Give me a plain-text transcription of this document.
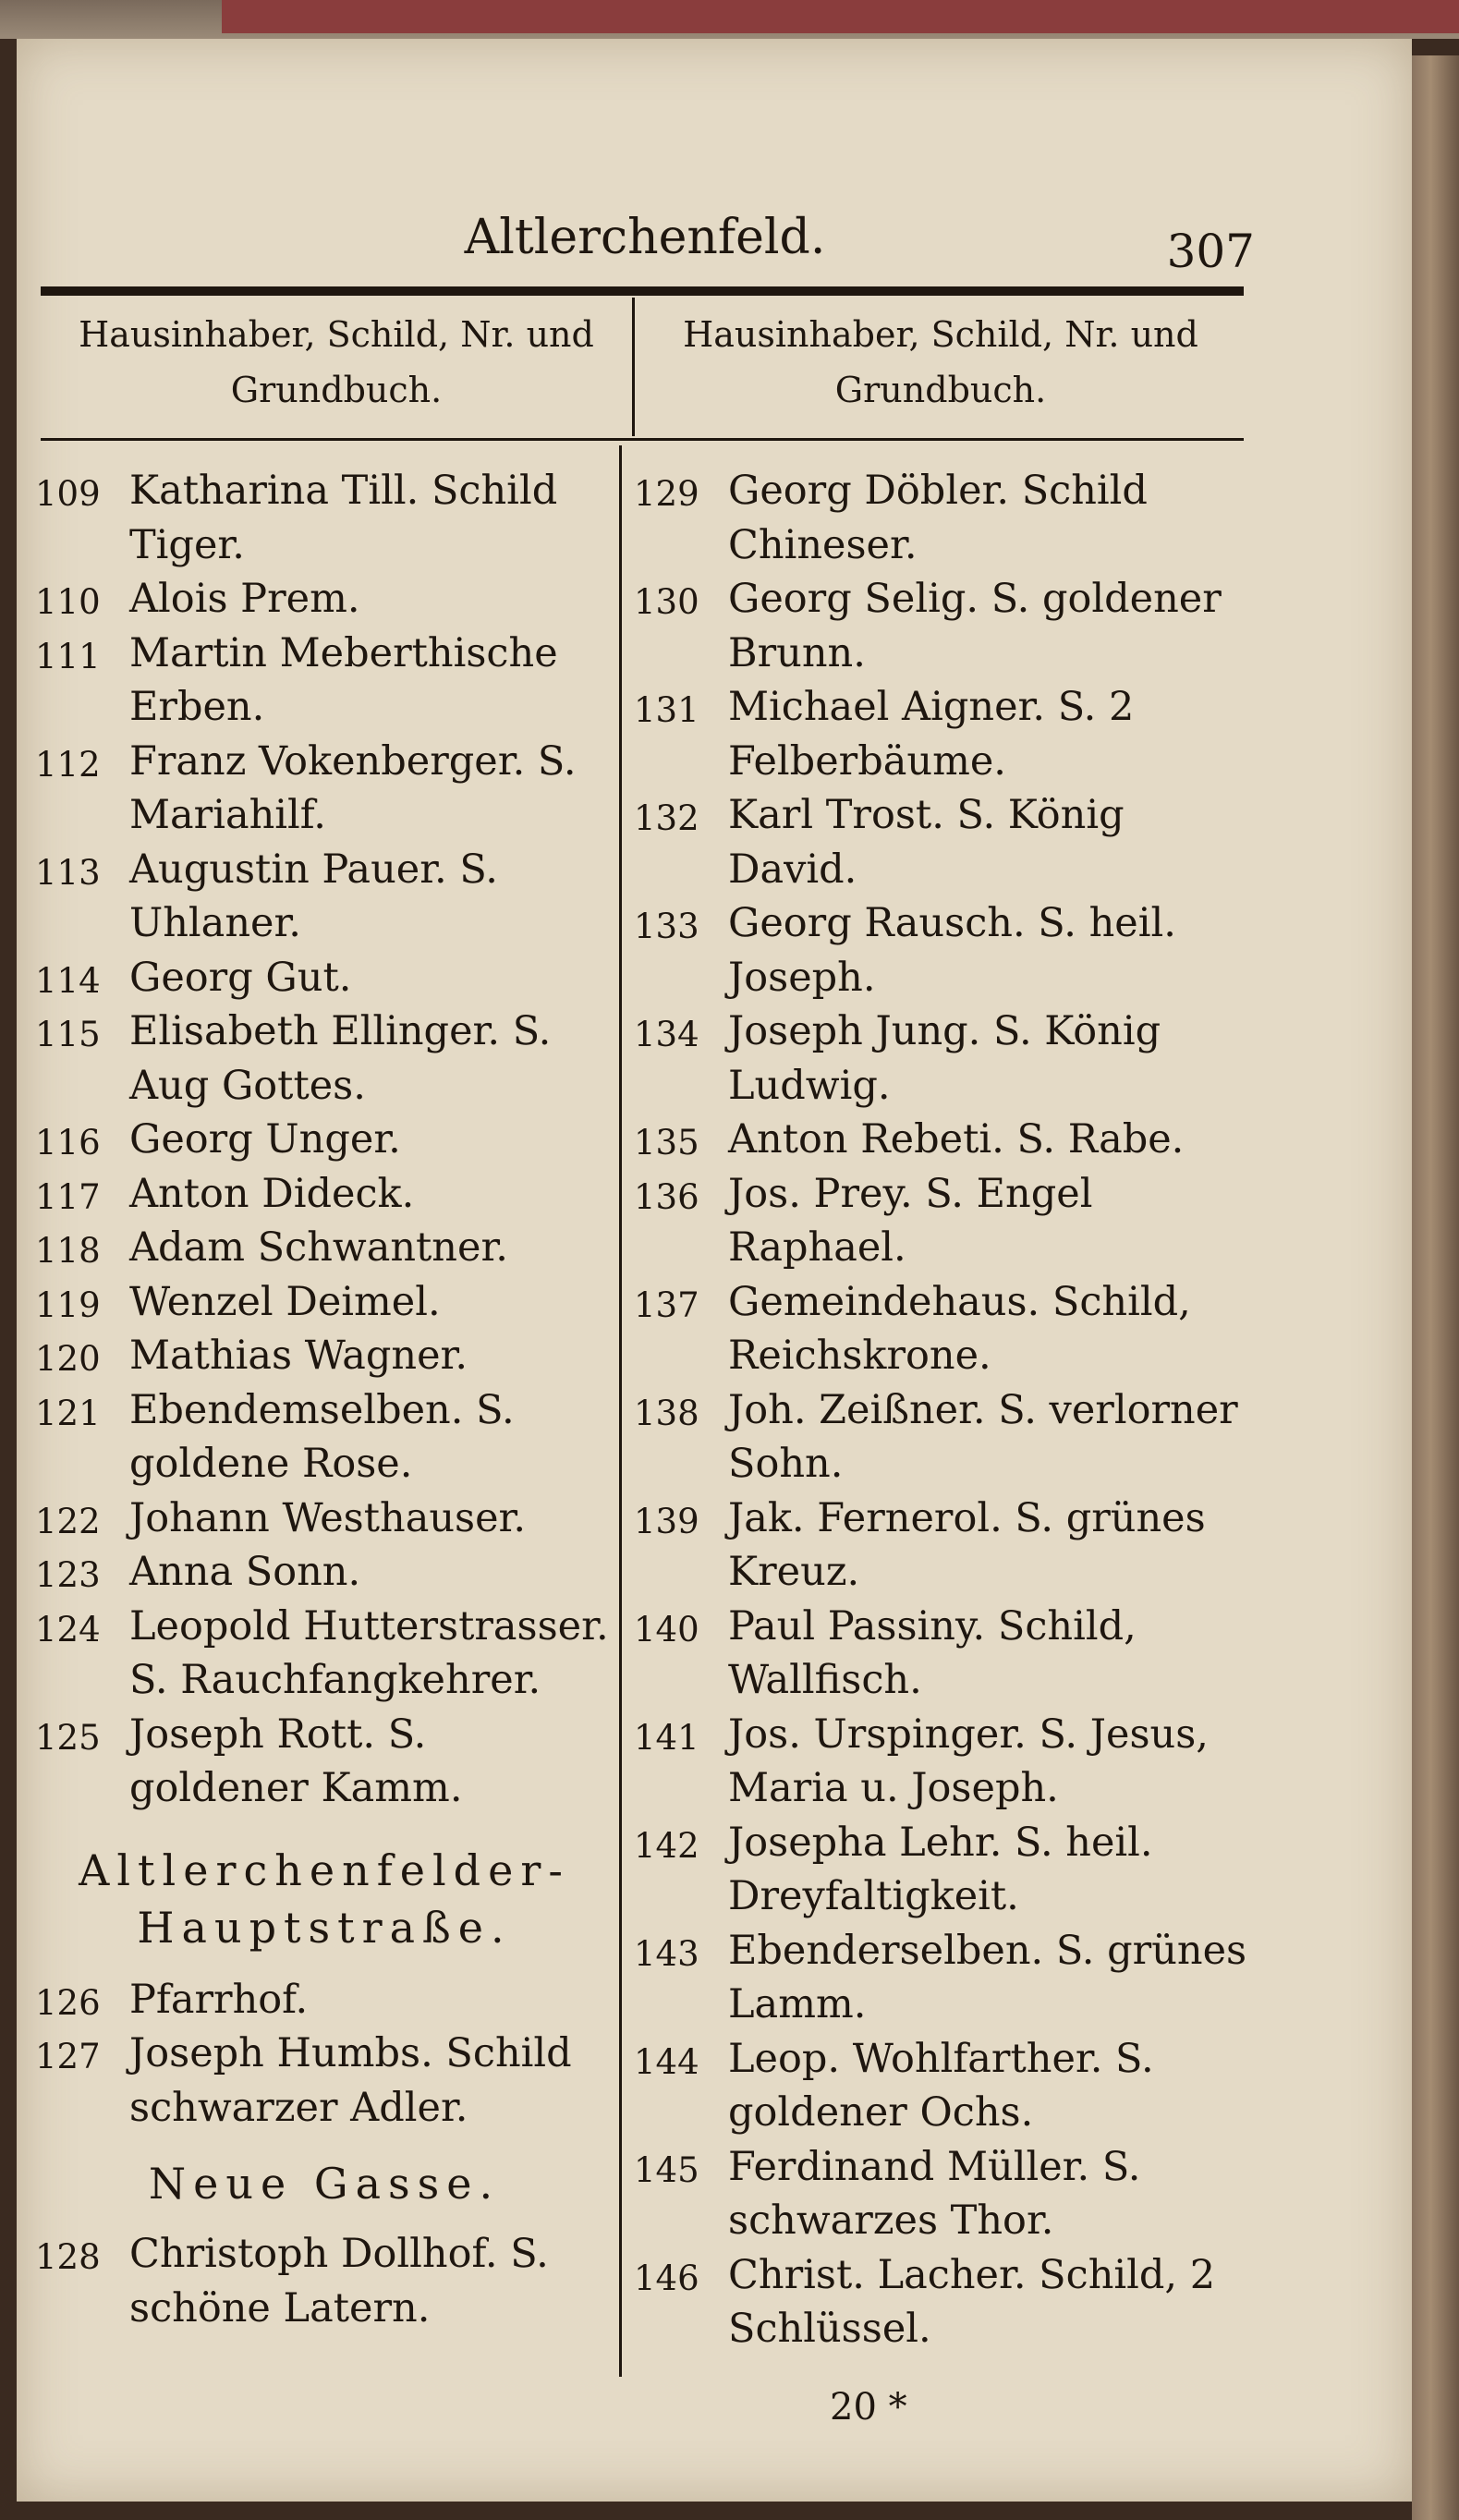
Altlerchenfeld.	307
Hausinhaber, Schild, Nr. und Grundbuch.
Hausinhaber, Schild, Nr. und Grundbuch.
109 Katharina Till. Schild Tiger.
110 Alois Prem.
111 Martin Meberthische Erben.
112 Franz Vokenberger. S. Mariahilf.
113 Augustin Pauer. S. Uhlaner.
114 Georg Gut.
115 Elisabeth Ellinger. S. Aug Gottes.
116 Georg Unger.
117 Anton Dideck.
118 Adam Schwantner.
119 Wenzel Deimel.
120 Mathias Wagner.
121 Ebendemselben. S. goldene Rose.
122 Johann Westhauser.
123 Anna Sonn.
124 Leopold Hutterstrasser. S. Rauchfangkehrer.
125 Joseph Rott. S. goldener Kamm.
Altlerchenfelder-Hauptstraße.
126 Pfarrhof.
127 Joseph Humbs. Schild schwarzer Adler.
Neue Gasse.
128 Christoph Dollhof. S. schöne Latern.
129 Georg Döbler. Schild Chineser.
130 Georg Selig. S. goldener Brunn.
131 Michael Aigner. S. 2 Felberbäume.
132 Karl Trost. S. König David.
133 Georg Rausch. S. heil. Joseph.
134 Joseph Jung. S. König Ludwig.
135 Anton Rebeti. S. Rabe.
136 Jos. Prey. S. Engel Raphael.
137 Gemeindehaus. Schild, Reichskrone.
138 Joh. Zeißner. S. verlorner Sohn.
139 Jak. Fernerol. S. grünes Kreuz.
140 Paul Passiny. Schild, Wallfisch.
141 Jos. Urspinger. S. Jesus, Maria u. Joseph.
142 Josepha Lehr. S. heil. Dreyfaltigkeit.
143 Ebenderselben. S. grünes Lamm.
144 Leop. Wohlfarther. S. goldener Ochs.
145 Ferdinand Müller. S. schwarzes Thor.
146 Christ. Lacher. Schild, 2 Schlüssel.
20 *
